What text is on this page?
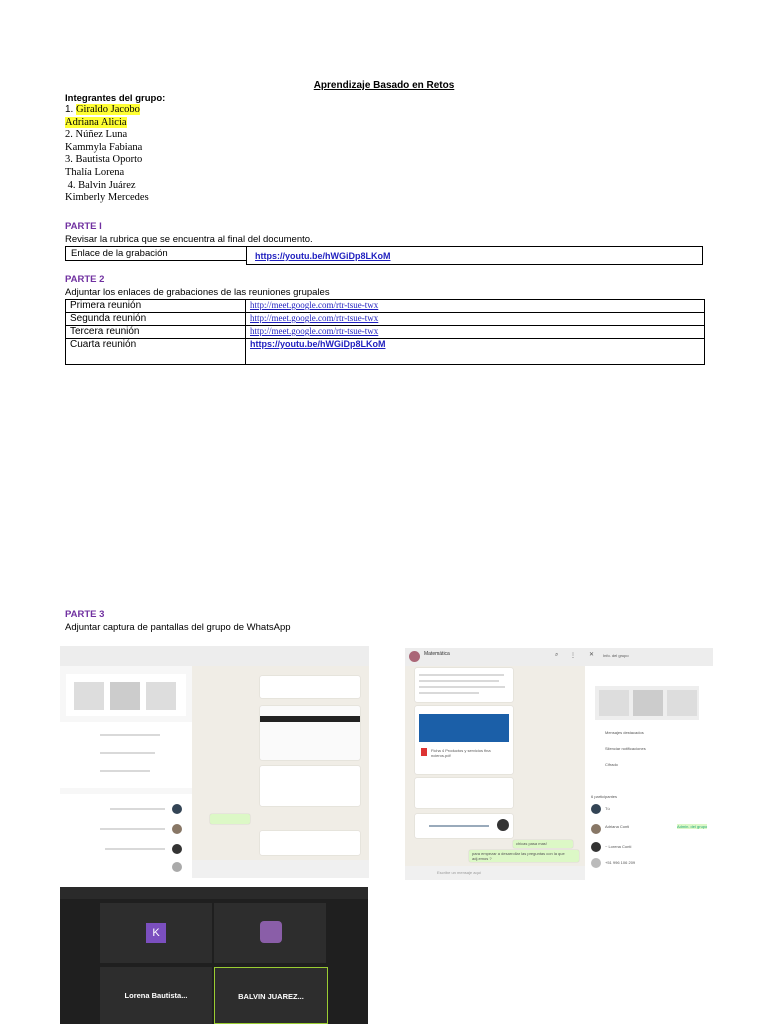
Aprendizaje Basado en Retos
Integrantes del grupo:
1. Giraldo Jacobo
Adriana Alicia
2. Núñez Luna
Kammyla Fabiana
3. Bautista Oporto
Thalía Lorena
4. Balvin Juárez
Kimberly Mercedes
PARTE I
Revisar la rubrica que se encuentra al final del documento.
Enlace de la grabación	https://youtu.be/hWGiDp8LKoM
PARTE 2
Adjuntar los enlaces de grabaciones de las reuniones grupales
Primera reunión	http://meet.google.com/rtr-tsue-twx
Segunda reunión	http://meet.google.com/rtr-tsue-twx
Tercera reunión	http://meet.google.com/rtr-tsue-twx
Cuarta reunión	https://youtu.be/hWGiDp8LKoM
PARTE 3
Adjuntar captura de pantallas del grupo de WhatsApp
Matemática	⌕ ⋮
Ficha 4 Productos y servicios fina ncieros.pdf
chicas pasa mas!
para empezar a desarrollar las preguntas con la que adj.emos ?
Escribe un mensaje aquí
✕ Info. del grupo
Mensajes destacados
Silenciar notificaciones
Cifrado
6 participantes
Tú
Adriana Conti	Admin. del grupo
~ Lorena Conti
+51 996 106 209
K
Lorena Bautista...	BALVIN JUAREZ...
